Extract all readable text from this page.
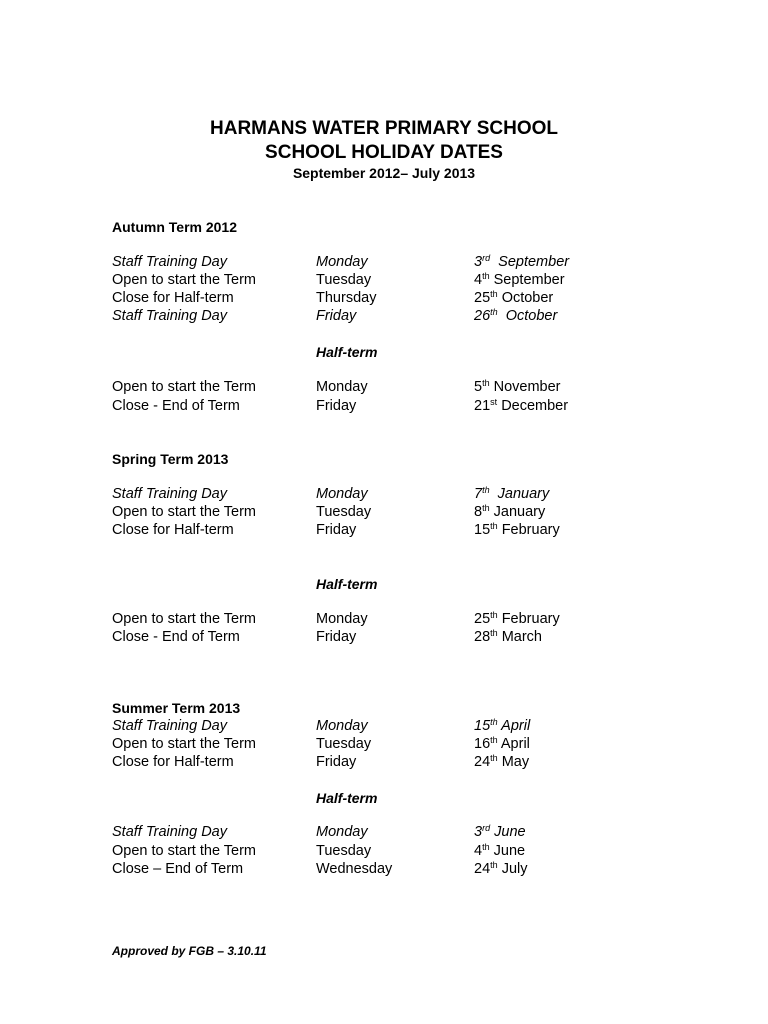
HARMANS WATER PRIMARY SCHOOL
SCHOOL HOLIDAY DATES
September 2012– July 2013
Autumn Term 2012
Staff Training Day	Monday	3rd September
Open to start the Term	Tuesday	4th September
Close for Half-term	Thursday	25th October
Staff Training Day	Friday	26th October
Half-term
Open to start the Term	Monday	5th November
Close - End of Term	Friday	21st December
Spring Term 2013
Staff Training Day	Monday	7th January
Open to start the Term	Tuesday	8th January
Close for Half-term	Friday	15th February
Half-term
Open to start the Term	Monday	25th February
Close - End of Term	Friday	28th March
Summer Term 2013
Staff Training Day	Monday	15th April
Open to start the Term	Tuesday	16th April
Close for Half-term	Friday	24th May
Half-term
Staff Training Day	Monday	3rd June
Open to start the Term	Tuesday	4th June
Close – End of Term	Wednesday	24th July
Approved by FGB – 3.10.11
